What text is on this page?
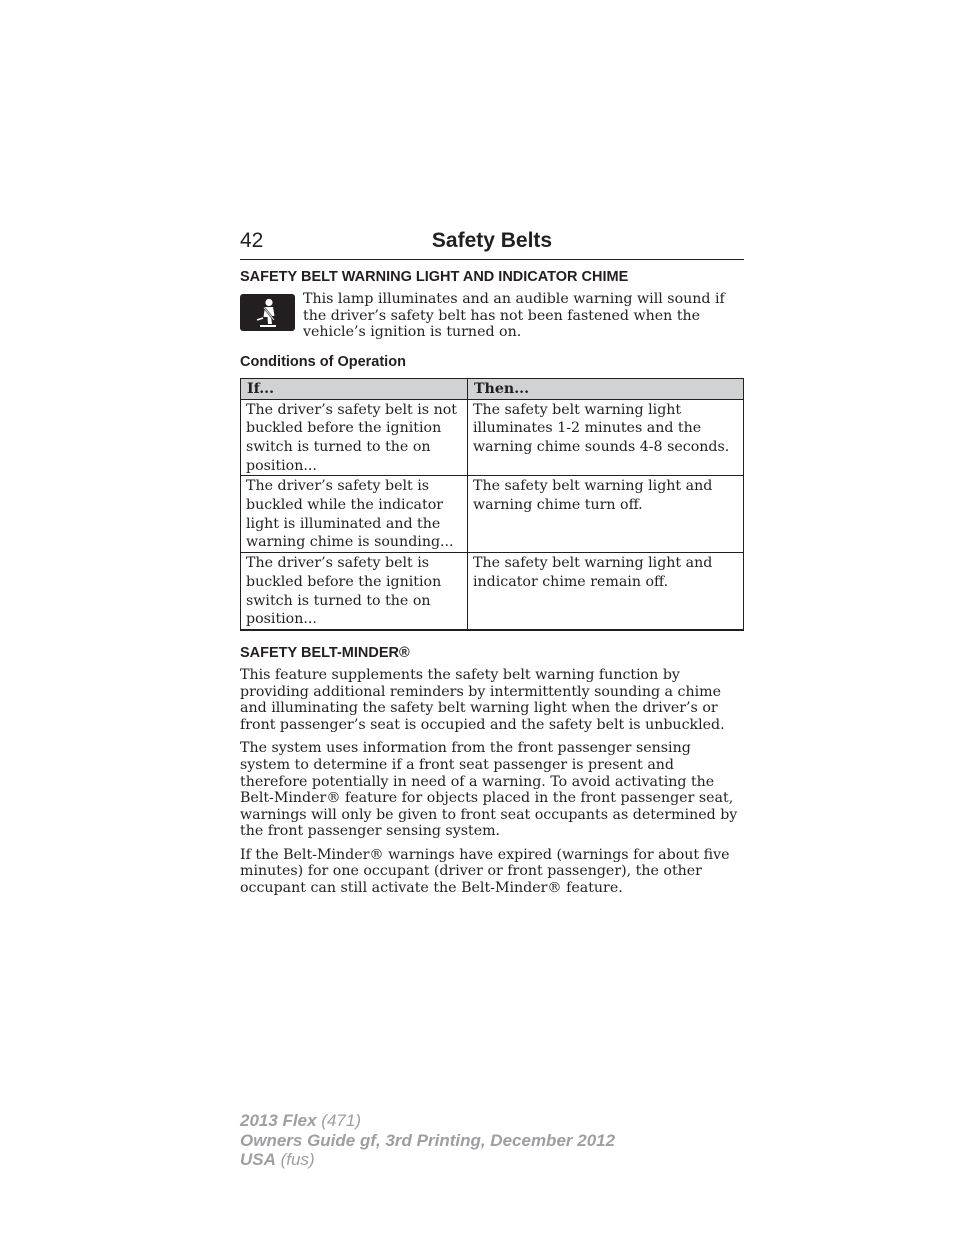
42	Safety Belts
SAFETY BELT WARNING LIGHT AND INDICATOR CHIME
This lamp illuminates and an audible warning will sound if the driver’s safety belt has not been fastened when the vehicle’s ignition is turned on.
Conditions of Operation
If...	Then...
The driver’s safety belt is not buckled before the ignition switch is turned to the on position...	The safety belt warning light illuminates 1-2 minutes and the warning chime sounds 4-8 seconds.
The driver’s safety belt is buckled while the indicator light is illuminated and the warning chime is sounding...	The safety belt warning light and warning chime turn off.
The driver’s safety belt is buckled before the ignition switch is turned to the on position...	The safety belt warning light and indicator chime remain off.
SAFETY BELT-MINDER®

This feature supplements the safety belt warning function by providing additional reminders by intermittently sounding a chime and illuminating the safety belt warning light when the driver’s or front passenger’s seat is occupied and the safety belt is unbuckled.

The system uses information from the front passenger sensing system to determine if a front seat passenger is present and therefore potentially in need of a warning. To avoid activating the Belt-Minder® feature for objects placed in the front passenger seat, warnings will only be given to front seat occupants as determined by the front passenger sensing system.

If the Belt-Minder® warnings have expired (warnings for about five minutes) for one occupant (driver or front passenger), the other occupant can still activate the Belt-Minder® feature.

2013 Flex (471)
Owners Guide gf, 3rd Printing, December 2012
USA (fus)
